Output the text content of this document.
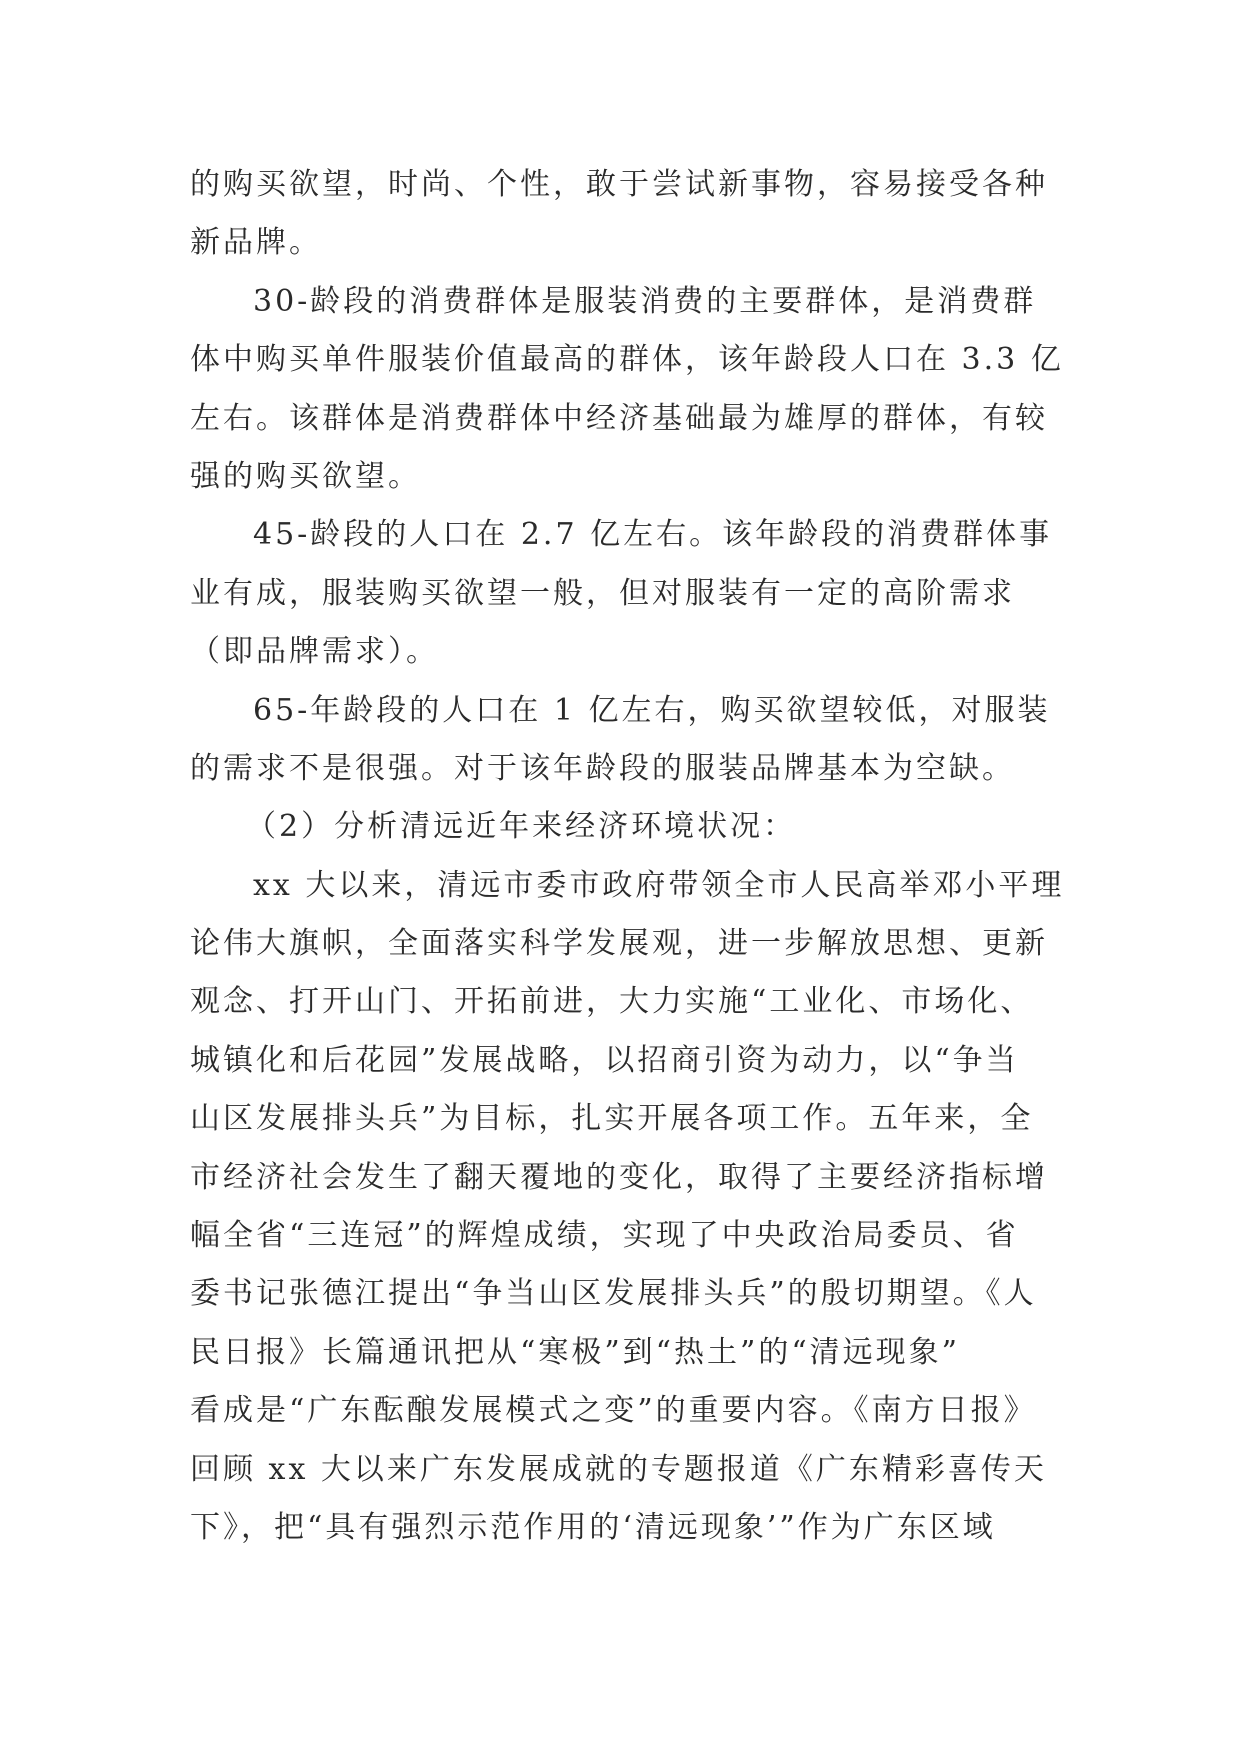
的购买欲望，时尚、个性，敢于尝试新事物，容易接受各种
新品牌。
30-龄段的消费群体是服装消费的主要群体，是消费群
体中购买单件服装价值最高的群体，该年龄段人口在 3.3 亿
左右。该群体是消费群体中经济基础最为雄厚的群体，有较
强的购买欲望。
45-龄段的人口在 2.7 亿左右。该年龄段的消费群体事
业有成，服装购买欲望一般，但对服装有一定的高阶需求
（即品牌需求）。
65-年龄段的人口在 1 亿左右，购买欲望较低，对服装
的需求不是很强。对于该年龄段的服装品牌基本为空缺。
（2）分析清远近年来经济环境状况：
xx 大以来，清远市委市政府带领全市人民高举邓小平理
论伟大旗帜，全面落实科学发展观，进一步解放思想、更新
观念、打开山门、开拓前进，大力实施“工业化、市场化、
城镇化和后花园”发展战略，以招商引资为动力，以“争当
山区发展排头兵”为目标，扎实开展各项工作。五年来，全
市经济社会发生了翻天覆地的变化，取得了主要经济指标增
幅全省“三连冠”的辉煌成绩，实现了中央政治局委员、省
委书记张德江提出“争当山区发展排头兵”的殷切期望。《人
民日报》长篇通讯把从“寒极”到“热土”的“清远现象”
看成是“广东酝酿发展模式之变”的重要内容。《南方日报》
回顾 xx 大以来广东发展成就的专题报道《广东精彩喜传天
下》，把“具有强烈示范作用的‘清远现象’”作为广东区域
